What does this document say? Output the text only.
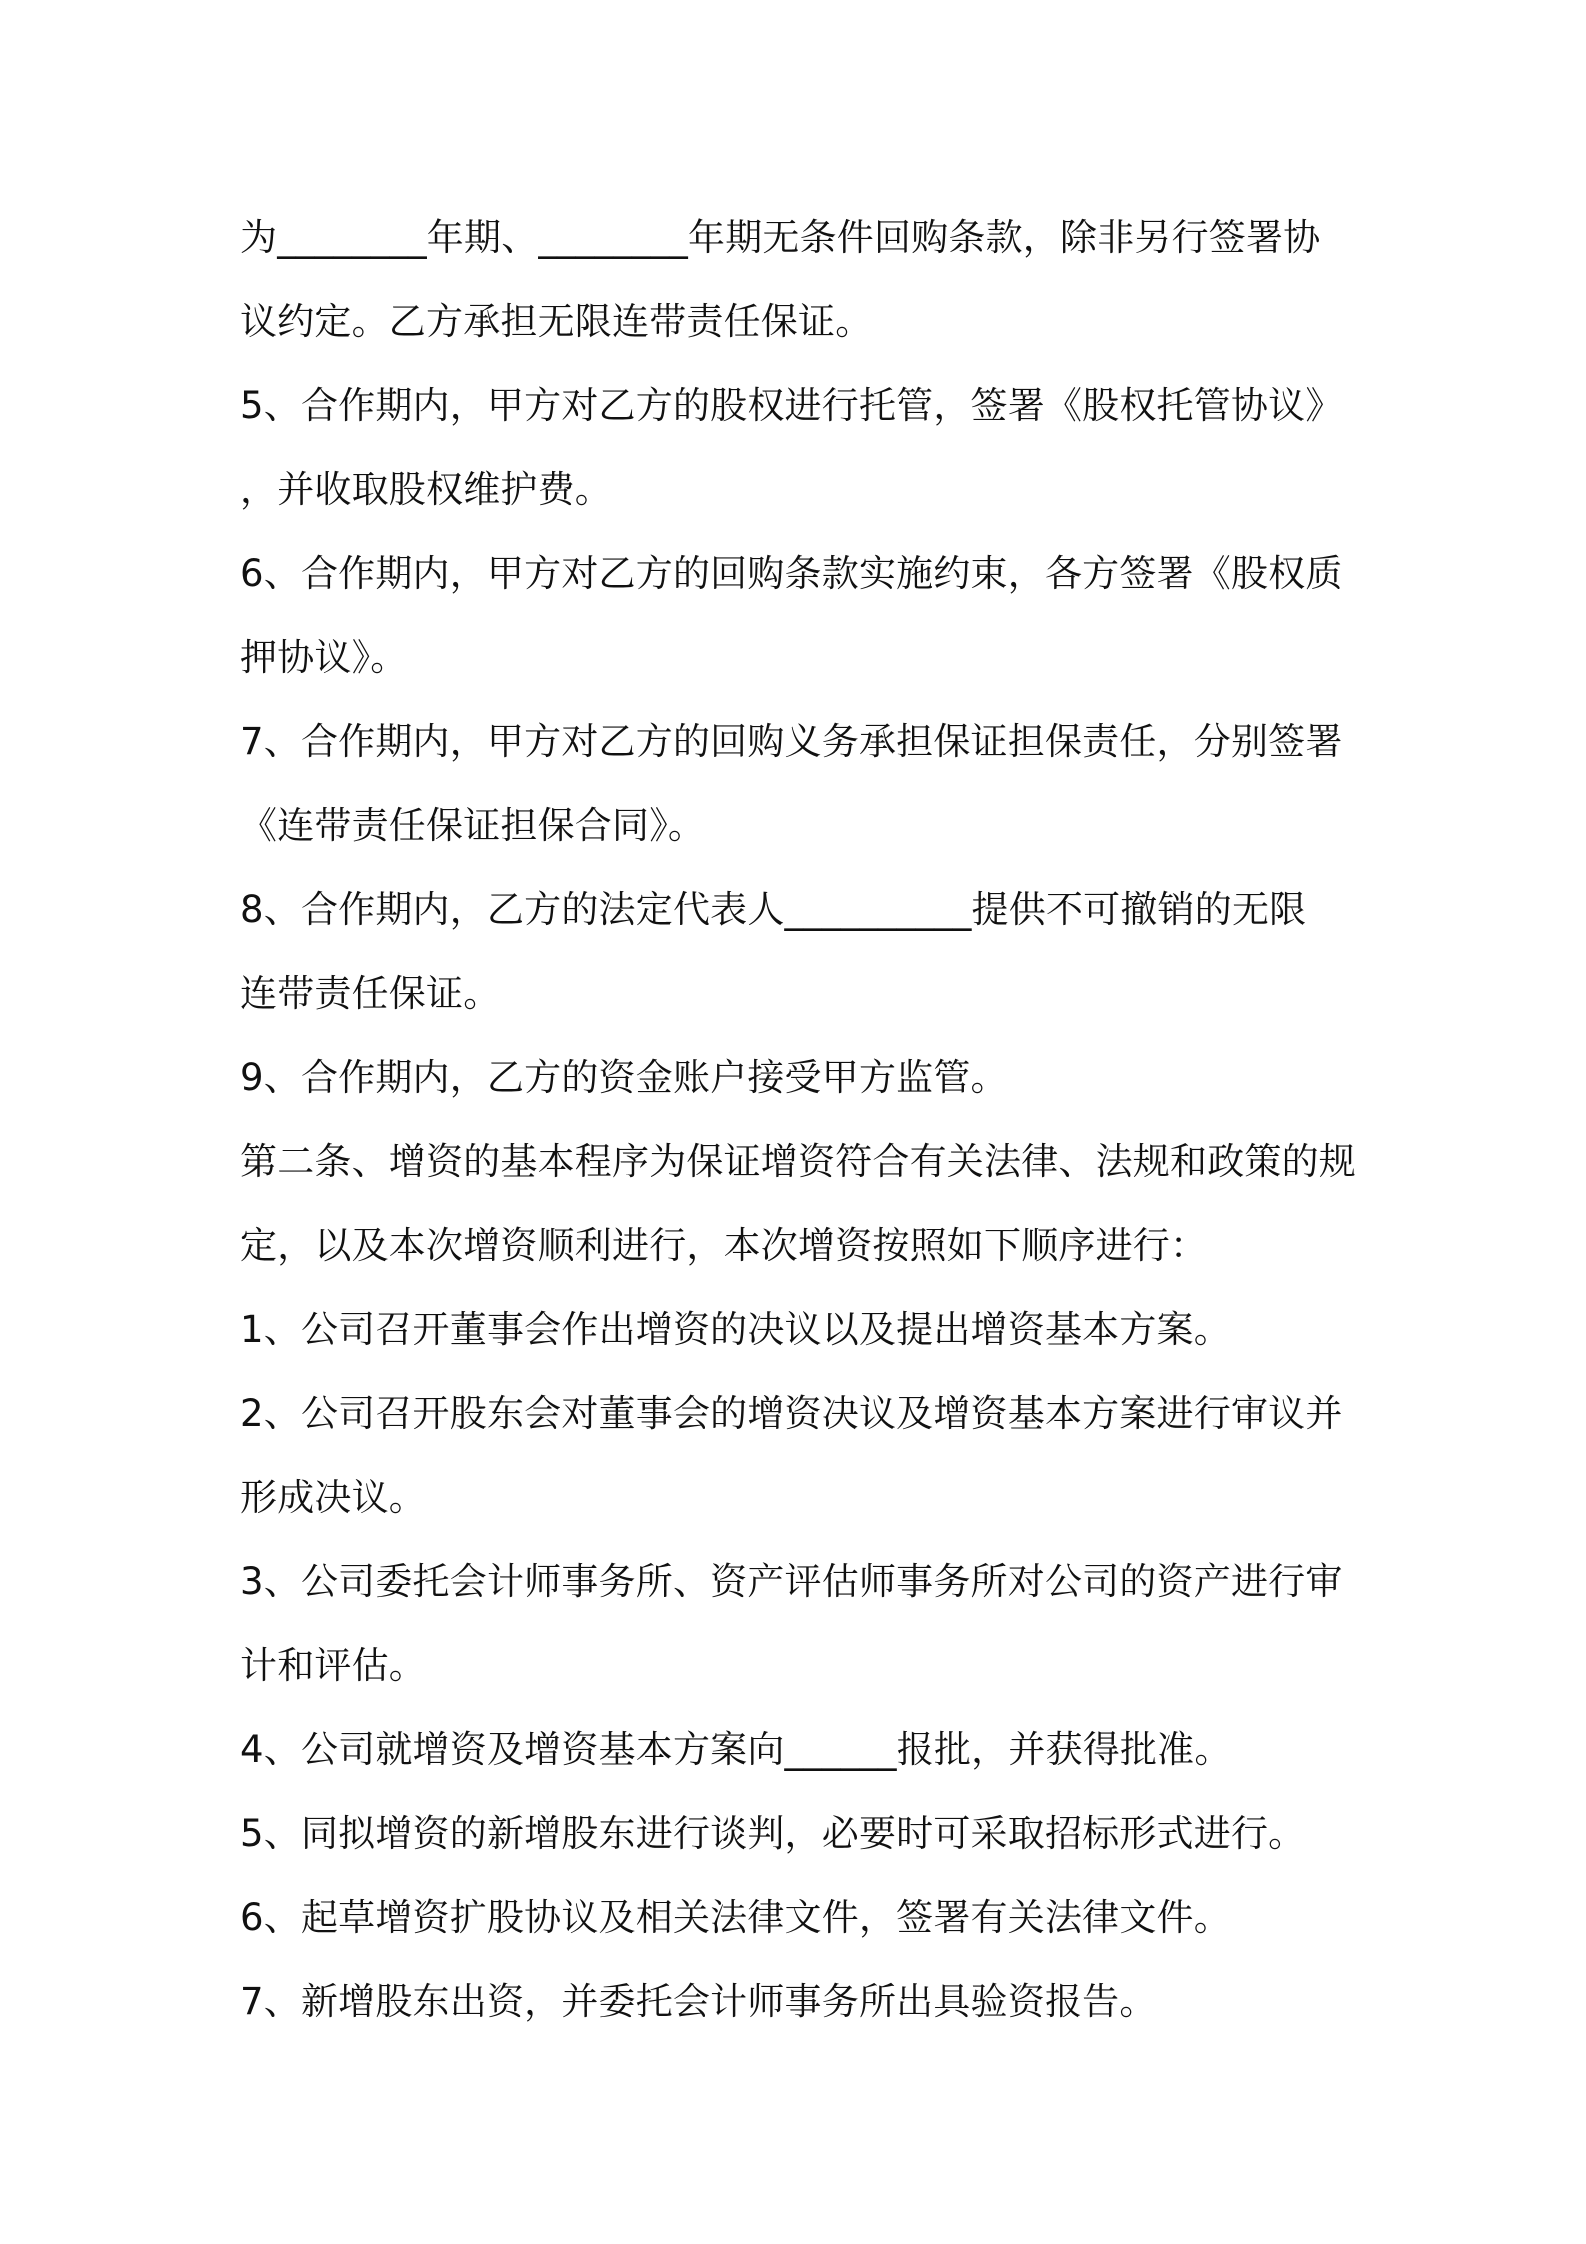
为________年期、________年期无条件回购条款，除非另行签署协
议约定。乙方承担无限连带责任保证。
5、合作期内，甲方对乙方的股权进行托管，签署《股权托管协议》
，并收取股权维护费。
6、合作期内，甲方对乙方的回购条款实施约束，各方签署《股权质
押协议》。
7、合作期内，甲方对乙方的回购义务承担保证担保责任，分别签署
《连带责任保证担保合同》。
8、合作期内，乙方的法定代表人__________提供不可撤销的无限
连带责任保证。
9、合作期内，乙方的资金账户接受甲方监管。
第二条、增资的基本程序为保证增资符合有关法律、法规和政策的规
定，以及本次增资顺利进行，本次增资按照如下顺序进行：
1、公司召开董事会作出增资的决议以及提出增资基本方案。
2、公司召开股东会对董事会的增资决议及增资基本方案进行审议并
形成决议。
3、公司委托会计师事务所、资产评估师事务所对公司的资产进行审
计和评估。
4、公司就增资及增资基本方案向______报批，并获得批准。
5、同拟增资的新增股东进行谈判，必要时可采取招标形式进行。
6、起草增资扩股协议及相关法律文件，签署有关法律文件。
7、新增股东出资，并委托会计师事务所出具验资报告。
